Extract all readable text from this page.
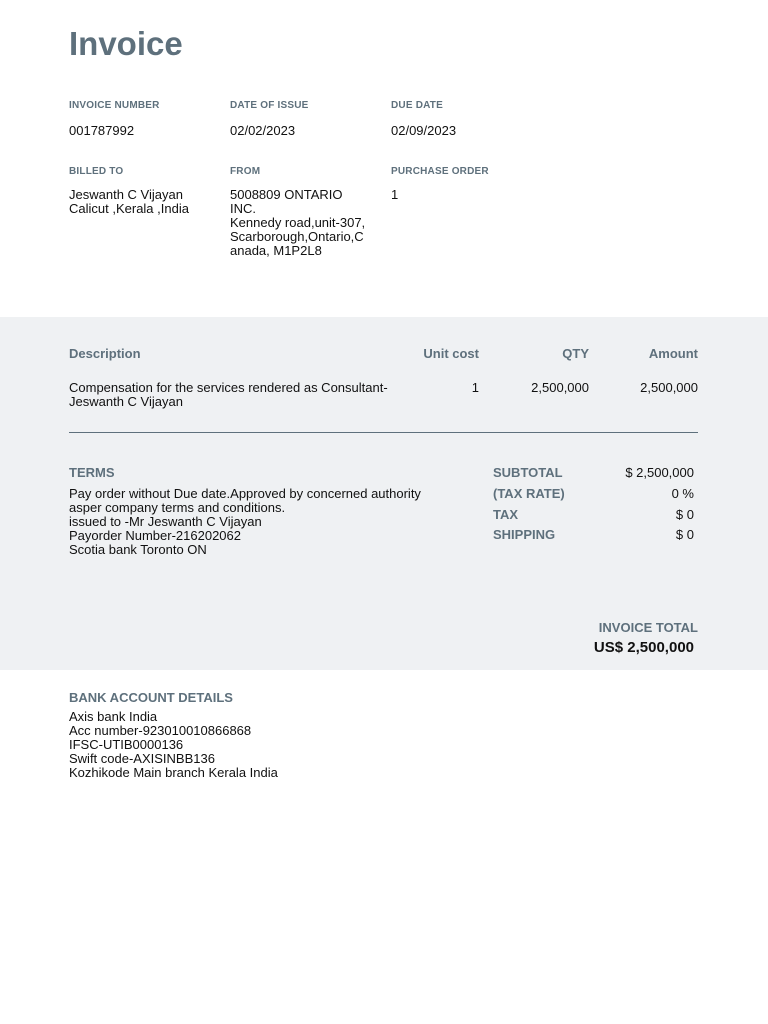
Invoice
INVOICE NUMBER
001787992
DATE OF ISSUE
02/02/2023
DUE DATE
02/09/2023
BILLED TO
Jeswanth C Vijayan
Calicut ,Kerala ,India
FROM
5008809 ONTARIO
INC.
Kennedy road,unit-307,
Scarborough,Ontario,C
anada, M1P2L8
PURCHASE ORDER
1
Description	Unit cost	QTY	Amount
Compensation for the services rendered as Consultant-
Jeswanth C Vijayan
1	2,500,000	2,500,000
TERMS
Pay order without Due date.Approved by concerned authority
asper company terms and conditions.
issued to -Mr Jeswanth C Vijayan
Payorder Number-216202062
Scotia bank Toronto ON
SUBTOTAL	$ 2,500,000
(TAX RATE)	0 %
TAX	$ 0
SHIPPING	$ 0
INVOICE TOTAL
US$ 2,500,000
BANK ACCOUNT DETAILS
Axis bank India
Acc number-923010010866868
IFSC-UTIB0000136
Swift code-AXISINBB136
Kozhikode Main branch Kerala India
